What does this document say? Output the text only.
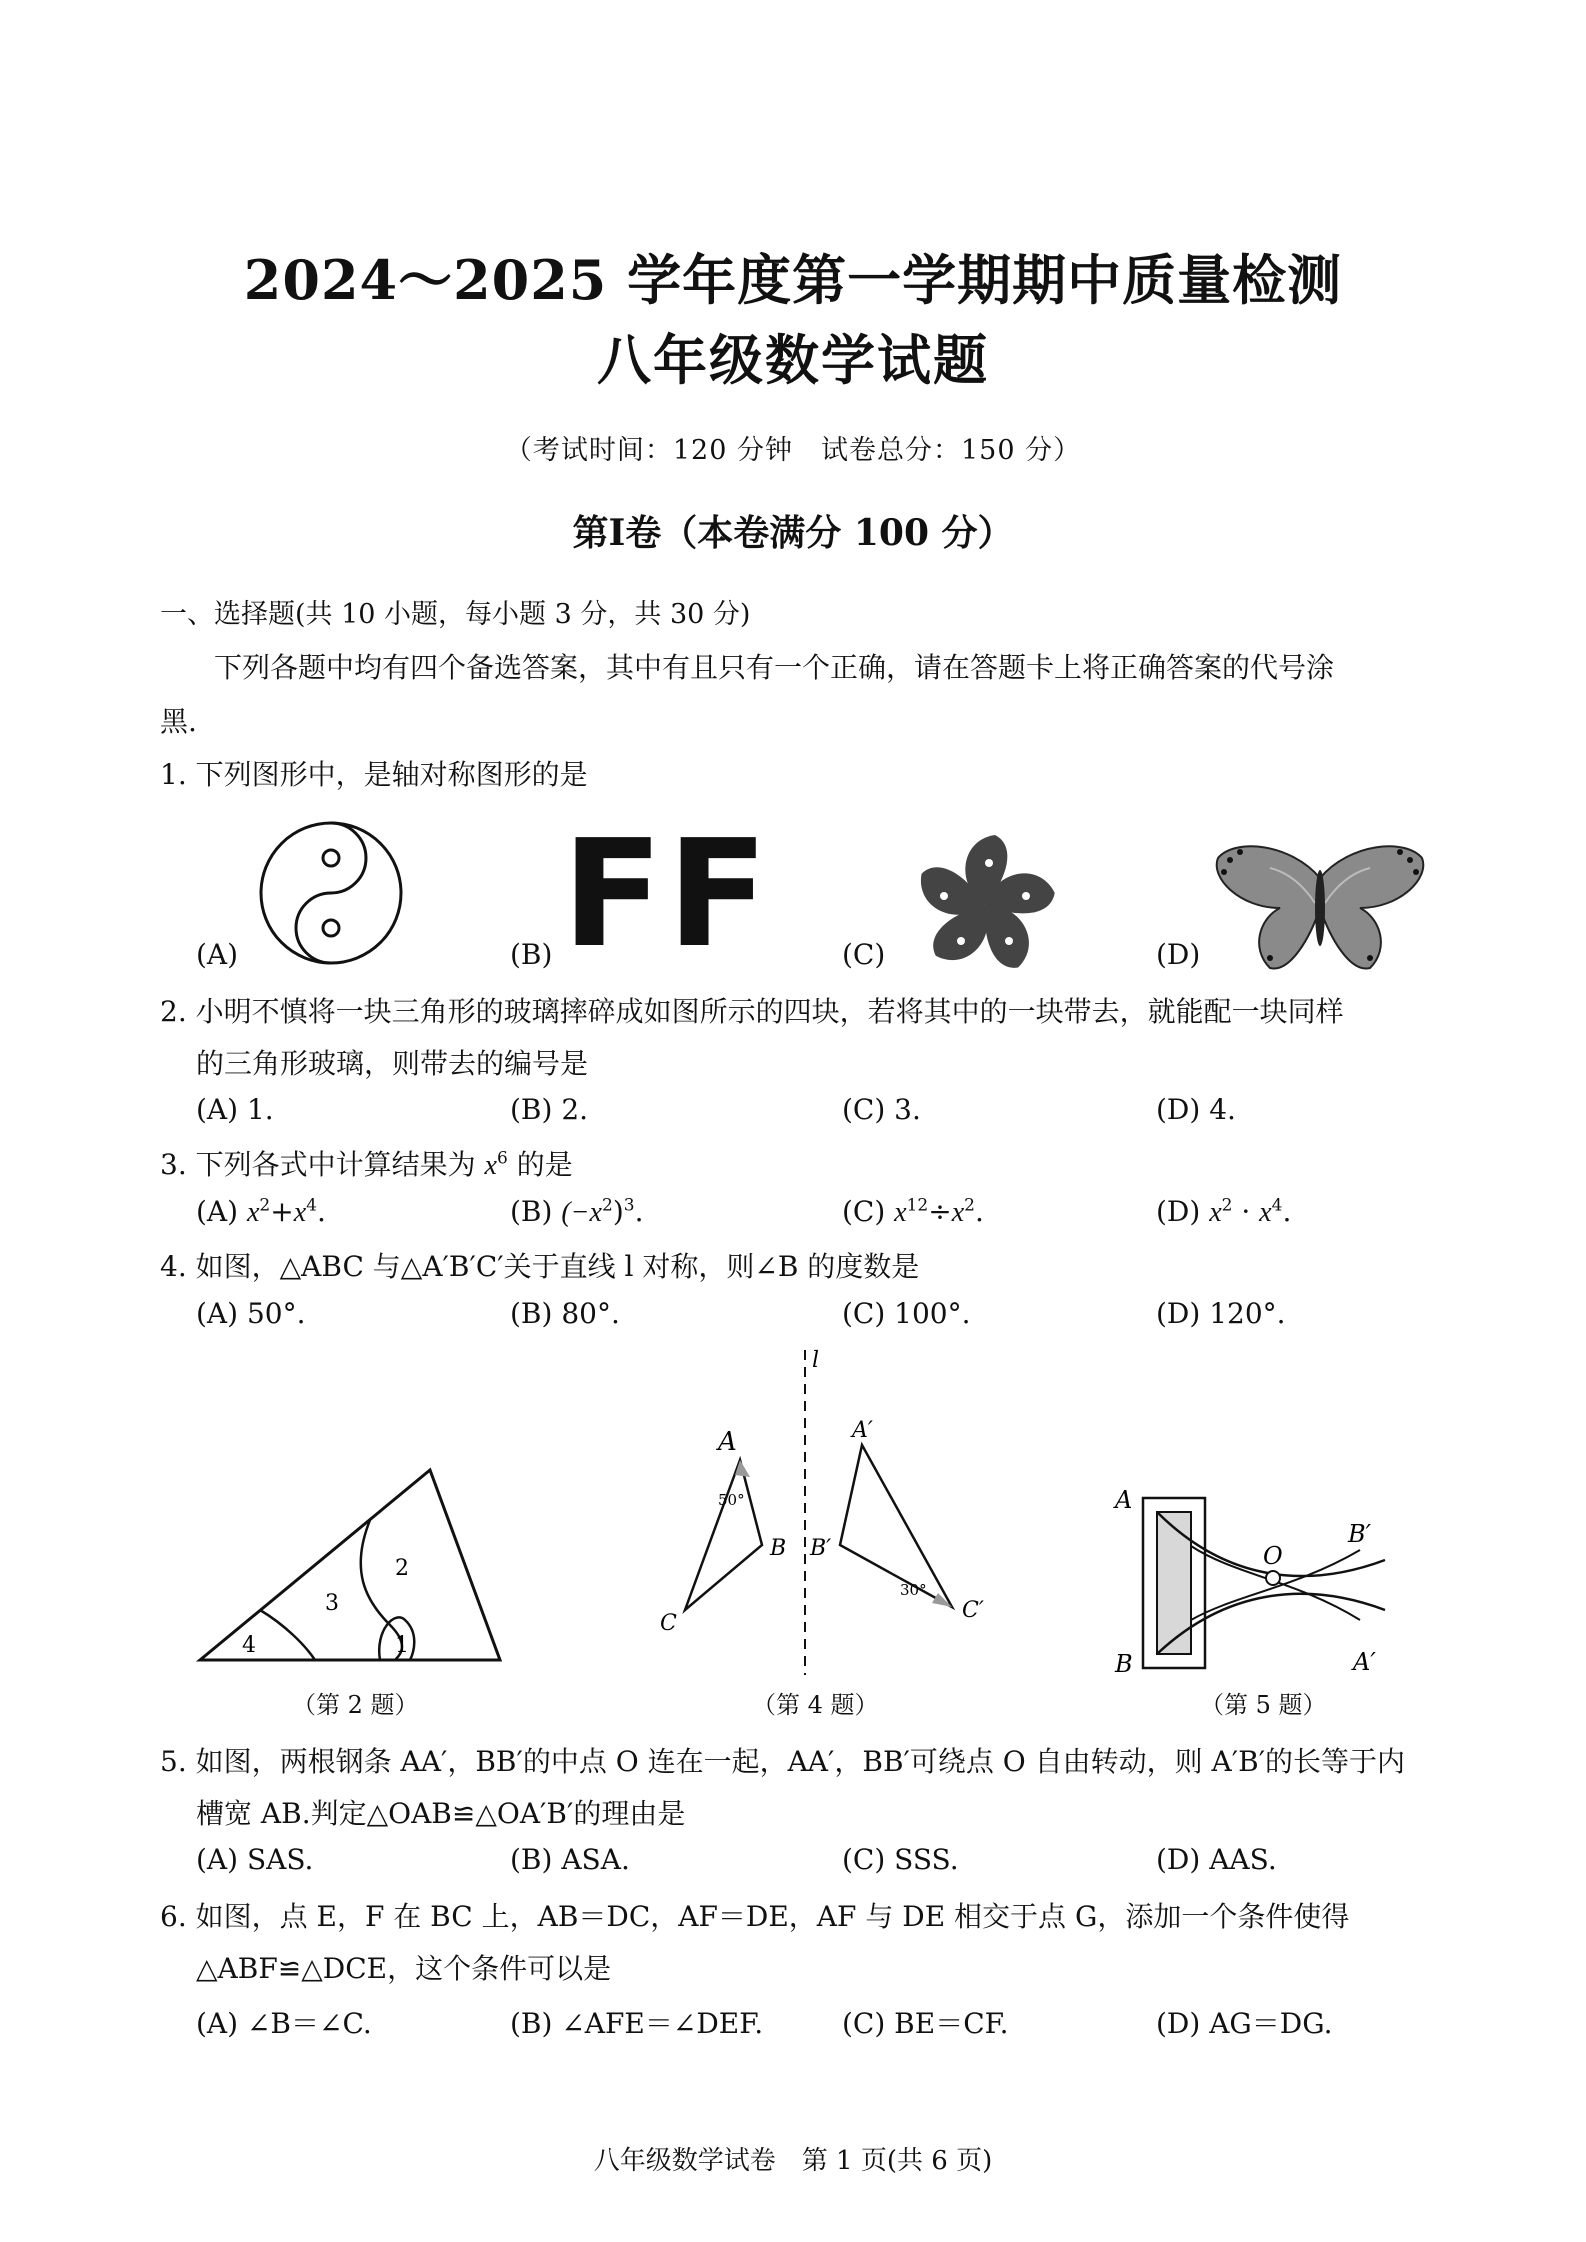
2024～2025 学年度第一学期期中质量检测
八年级数学试题
（考试时间：120 分钟　试卷总分：150 分）
第Ⅰ卷（本卷满分 100 分）
一、选择题(共 10 小题，每小题 3 分，共 30 分)
下列各题中均有四个备选答案，其中有且只有一个正确，请在答题卡上将正确答案的代号涂
黑.
1. 下列图形中，是轴对称图形的是
(A)	(B)	(C)	(D)
FF
2. 小明不慎将一块三角形的玻璃摔碎成如图所示的四块，若将其中的一块带去，就能配一块同样
的三角形玻璃，则带去的编号是
(A) 1.	(B) 2.	(C) 3.	(D) 4.
3. 下列各式中计算结果为 $x^6$ 的是
(A) $x^2+x^4$.	(B) $(-x^2)^3$.	(C) $x^{12}\div x^2$.	(D) $x^2 \cdot x^4$.
4. 如图，△ABC 与△A′B′C′关于直线 l 对称，则∠B 的度数是
(A) 50°.	(B) 80°.	(C) 100°.	(D) 120°.
4
3
1
2
（第 2 题）
l
A
B
C
50°
A′
B′
C′
30°
（第 4 题）
A
B
O
B′
A′
（第 5 题）
5. 如图，两根钢条 AA′，BB′的中点 O 连在一起，AA′，BB′可绕点 O 自由转动，则 A′B′的长等于内
槽宽 AB.判定△OAB≌△OA′B′的理由是
(A) SAS.	(B) ASA.	(C) SSS.	(D) AAS.
6. 如图，点 E，F 在 BC 上，AB＝DC，AF＝DE，AF 与 DE 相交于点 G，添加一个条件使得
△ABF≌△DCE，这个条件可以是
(A) ∠B＝∠C.	(B) ∠AFE＝∠DEF.	(C) BE＝CF.	(D) AG＝DG.
八年级数学试卷　第 1 页(共 6 页)
